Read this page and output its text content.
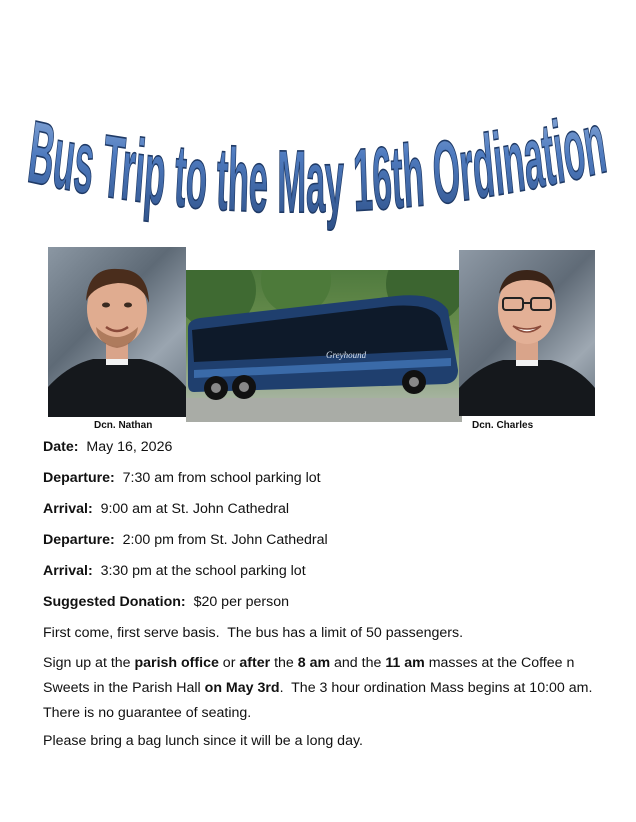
Bus Trip to the May 16th Ordination
Greyhound
Dcn. Nathan	Dcn. Charles

Date: May 16, 2026

Departure: 7:30 am from school parking lot

Arrival: 9:00 am at St. John Cathedral

Departure: 2:00 pm from St. John Cathedral

Arrival: 3:30 pm at the school parking lot

Suggested Donation: $20 per person

First come, first serve basis.  The bus has a limit of 50 passengers.

Sign up at the parish office or after the 8 am and the 11 am masses at the Coffee n Sweets in the Parish Hall on May 3rd.  The 3 hour ordination Mass begins at 10:00 am.  There is no guarantee of seating.

Please bring a bag lunch since it will be a long day.
